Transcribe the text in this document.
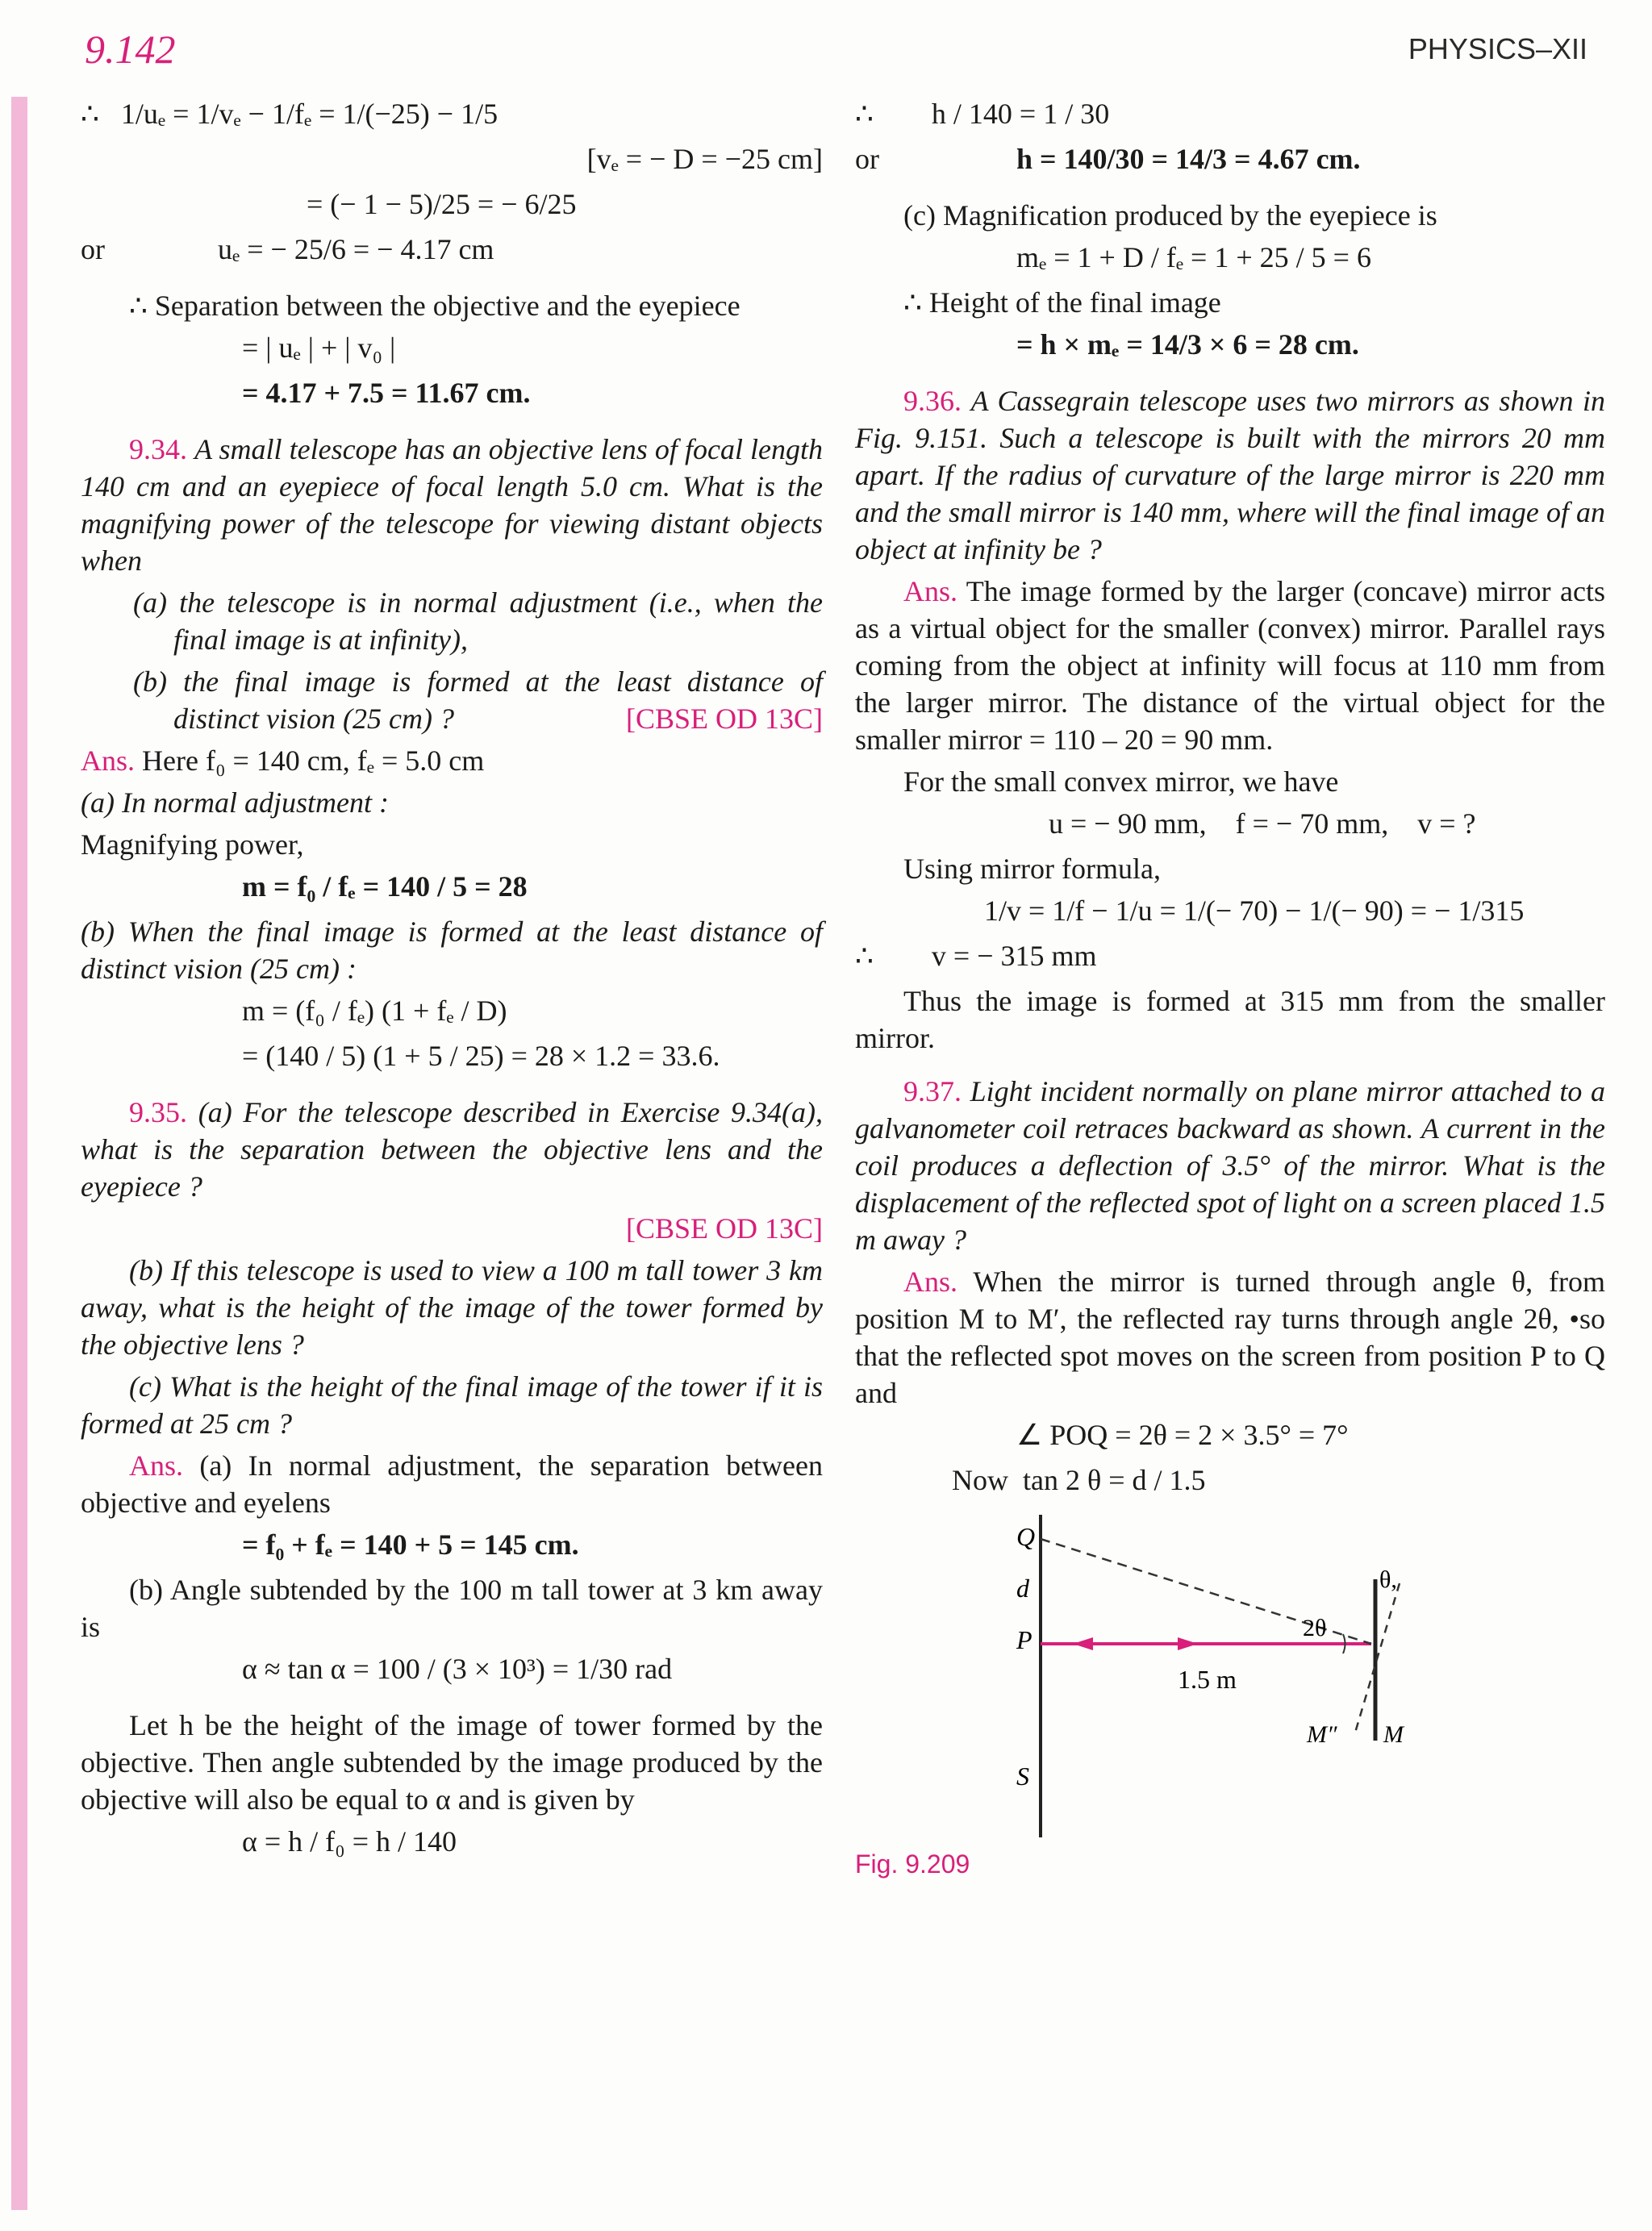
9.142	PHYSICS–XII
∴   1/uₑ = 1/vₑ − 1/fₑ = 1/(−25) − 1/5
[vₑ = − D = −25 cm]
= (− 1 − 5)/25 = − 6/25
or	uₑ = − 25/6 = − 4.17 cm
∴ Separation between the objective and the eyepiece
= | uₑ | + | v₀ |
= 4.17 + 7.5 = 11.67 cm.
9.34. A small telescope has an objective lens of focal length 140 cm and an eyepiece of focal length 5.0 cm. What is the magnifying power of the telescope for viewing distant objects when
(a) the telescope is in normal adjustment (i.e., when the final image is at infinity),
(b) the final image is formed at the least distance of distinct vision (25 cm) ?	[CBSE OD 13C]
Ans. Here f₀ = 140 cm, fₑ = 5.0 cm
(a) In normal adjustment :
Magnifying power,
m = f₀ / fₑ = 140 / 5 = 28
(b) When the final image is formed at the least distance of distinct vision (25 cm) :
m = (f₀ / fₑ) (1 + fₑ / D)
= (140 / 5) (1 + 5 / 25) = 28 × 1.2 = 33.6.
9.35. (a) For the telescope described in Exercise 9.34(a), what is the separation between the objective lens and the eyepiece ?
[CBSE OD 13C]
(b) If this telescope is used to view a 100 m tall tower 3 km away, what is the height of the image of the tower formed by the objective lens ?
(c) What is the height of the final image of the tower if it is formed at 25 cm ?
Ans. (a) In normal adjustment, the separation between objective and eyelens
= f₀ + fₑ = 140 + 5 = 145 cm.
(b) Angle subtended by the 100 m tall tower at 3 km away is
α ≈ tan α = 100 / (3 × 10³) = 1/30 rad
Let h be the height of the image of tower formed by the objective. Then angle subtended by the image produced by the objective will also be equal to α and is given by
α = h / f₀ = h / 140
∴        h / 140 = 1 / 30
or	h = 140/30 = 14/3 = 4.67 cm.
(c) Magnification produced by the eyepiece is
mₑ = 1 + D / fₑ = 1 + 25 / 5 = 6
∴ Height of the final image
= h × mₑ = 14/3 × 6 = 28 cm.
9.36. A Cassegrain telescope uses two mirrors as shown in Fig. 9.151. Such a telescope is built with the mirrors 20 mm apart. If the radius of curvature of the large mirror is 220 mm and the small mirror is 140 mm, where will the final image of an object at infinity be ?
Ans. The image formed by the larger (concave) mirror acts as a virtual object for the smaller (convex) mirror. Parallel rays coming from the object at infinity will focus at 110 mm from the larger mirror. The distance of the virtual object for the smaller mirror = 110 – 20 = 90 mm.
For the small convex mirror, we have
u = − 90 mm,    f = − 70 mm,    v = ?
Using mirror formula,
1/v = 1/f − 1/u = 1/(− 70) − 1/(− 90) = − 1/315
∴        v = − 315 mm
Thus the image is formed at 315 mm from the smaller mirror.
9.37. Light incident normally on plane mirror attached to a galvanometer coil retraces backward as shown. A current in the coil produces a deflection of 3.5° of the mirror. What is the displacement of the reflected spot of light on a screen placed 1.5 m away ?
Ans. When the mirror is turned through angle θ, from position M to M′, the reflected ray turns through angle 2θ, •so that the reflected spot moves on the screen from position P to Q and
∠ POQ = 2θ = 2 × 3.5° = 7°
Now  tan 2 θ = d / 1.5
Q
d
P
S
θ,
2θ
1.5 m
M″ M
Fig. 9.209
